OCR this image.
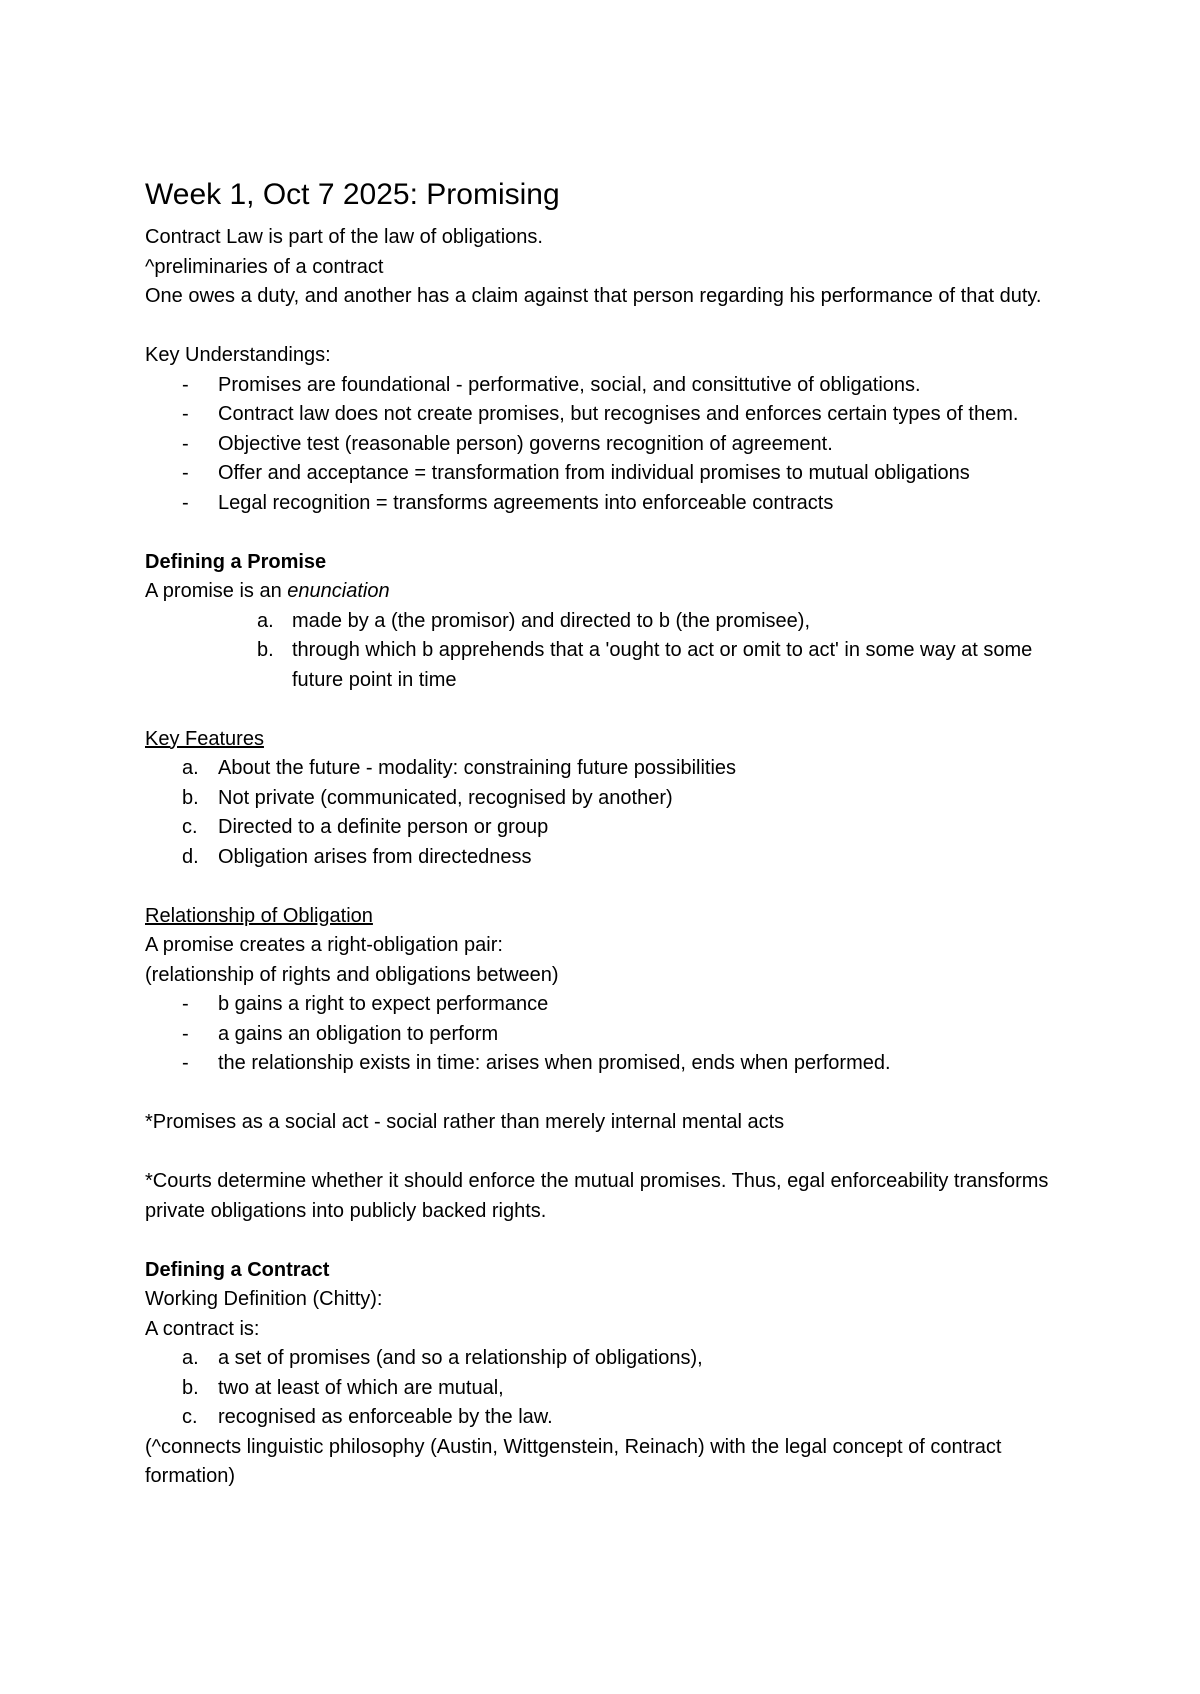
Week 1, Oct 7 2025: Promising

Contract Law is part of the law of obligations.

^preliminaries of a contract

One owes a duty, and another has a claim against that person regarding his performance of that duty.

Key Understandings:

- Promises are foundational - performative, social, and consittutive of obligations.
- Contract law does not create promises, but recognises and enforces certain types of them.
- Objective test (reasonable person) governs recognition of agreement.
- Offer and acceptance = transformation from individual promises to mutual obligations
- Legal recognition = transforms agreements into enforceable contracts

Defining a Promise

A promise is an enunciation

a. made by a (the promisor) and directed to b (the promisee),
b. through which b apprehends that a 'ought to act or omit to act' in some way at some future point in time

Key Features

a. About the future - modality: constraining future possibilities
b. Not private (communicated, recognised by another)
c. Directed to a definite person or group
d. Obligation arises from directedness

Relationship of Obligation

A promise creates a right-obligation pair:

(relationship of rights and obligations between)

- b gains a right to expect performance
- a gains an obligation to perform
- the relationship exists in time: arises when promised, ends when performed.

*Promises as a social act - social rather than merely internal mental acts

*Courts determine whether it should enforce the mutual promises. Thus, egal enforceability transforms private obligations into publicly backed rights.

Defining a Contract

Working Definition (Chitty):

A contract is:

a. a set of promises (and so a relationship of obligations),
b. two at least of which are mutual,
c. recognised as enforceable by the law.

(^connects linguistic philosophy (Austin, Wittgenstein, Reinach) with the legal concept of contract formation)
